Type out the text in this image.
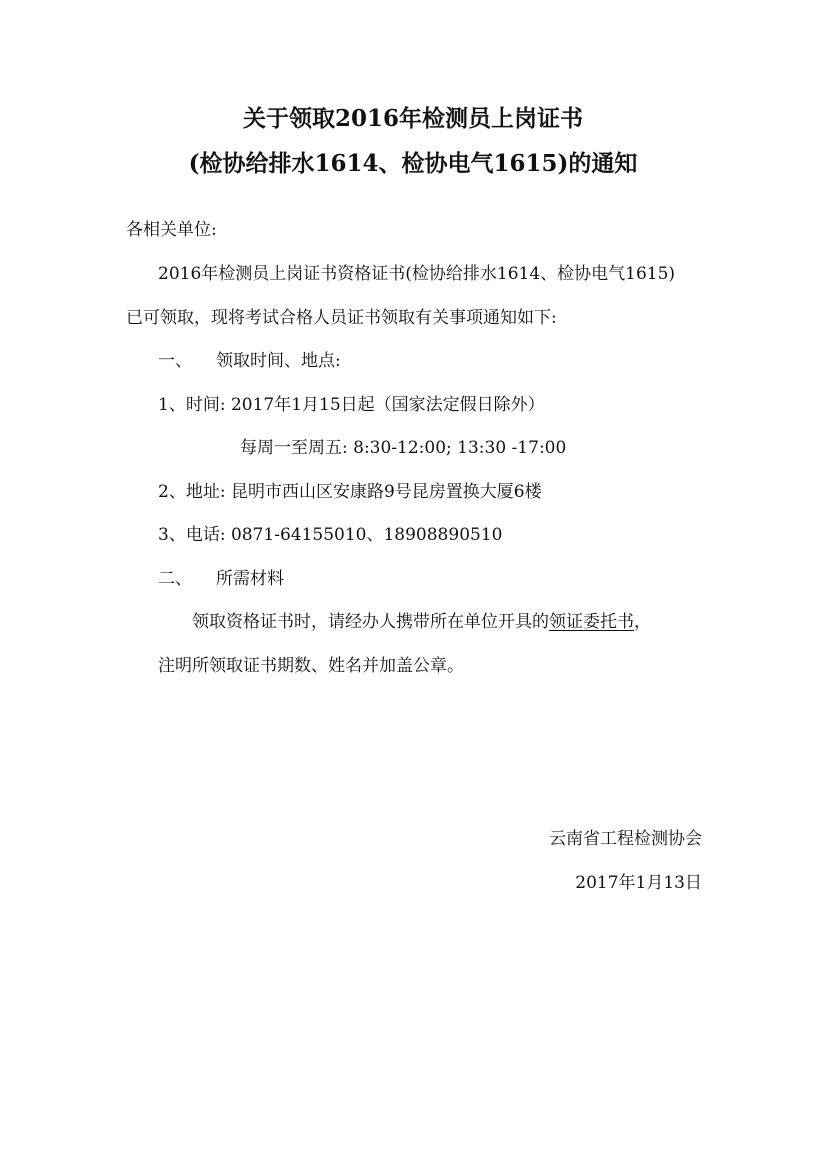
关于领取2016年检测员上岗证书
(检协给排水1614、检协电气1615)的通知
各相关单位:
2016年检测员上岗证书资格证书(检协给排水1614、检协电气1615)
已可领取，现将考试合格人员证书领取有关事项通知如下:
一、 领取时间、地点:
1、时间: 2017年1月15日起（国家法定假日除外）
每周一至周五: 8:30-12:00; 13:30 -17:00
2、地址: 昆明市西山区安康路9号昆房置换大厦6楼
3、电话: 0871-64155010、18908890510
二、 所需材料
领取资格证书时，请经办人携带所在单位开具的领证委托书，
注明所领取证书期数、姓名并加盖公章。
云南省工程检测协会
2017年1月13日
